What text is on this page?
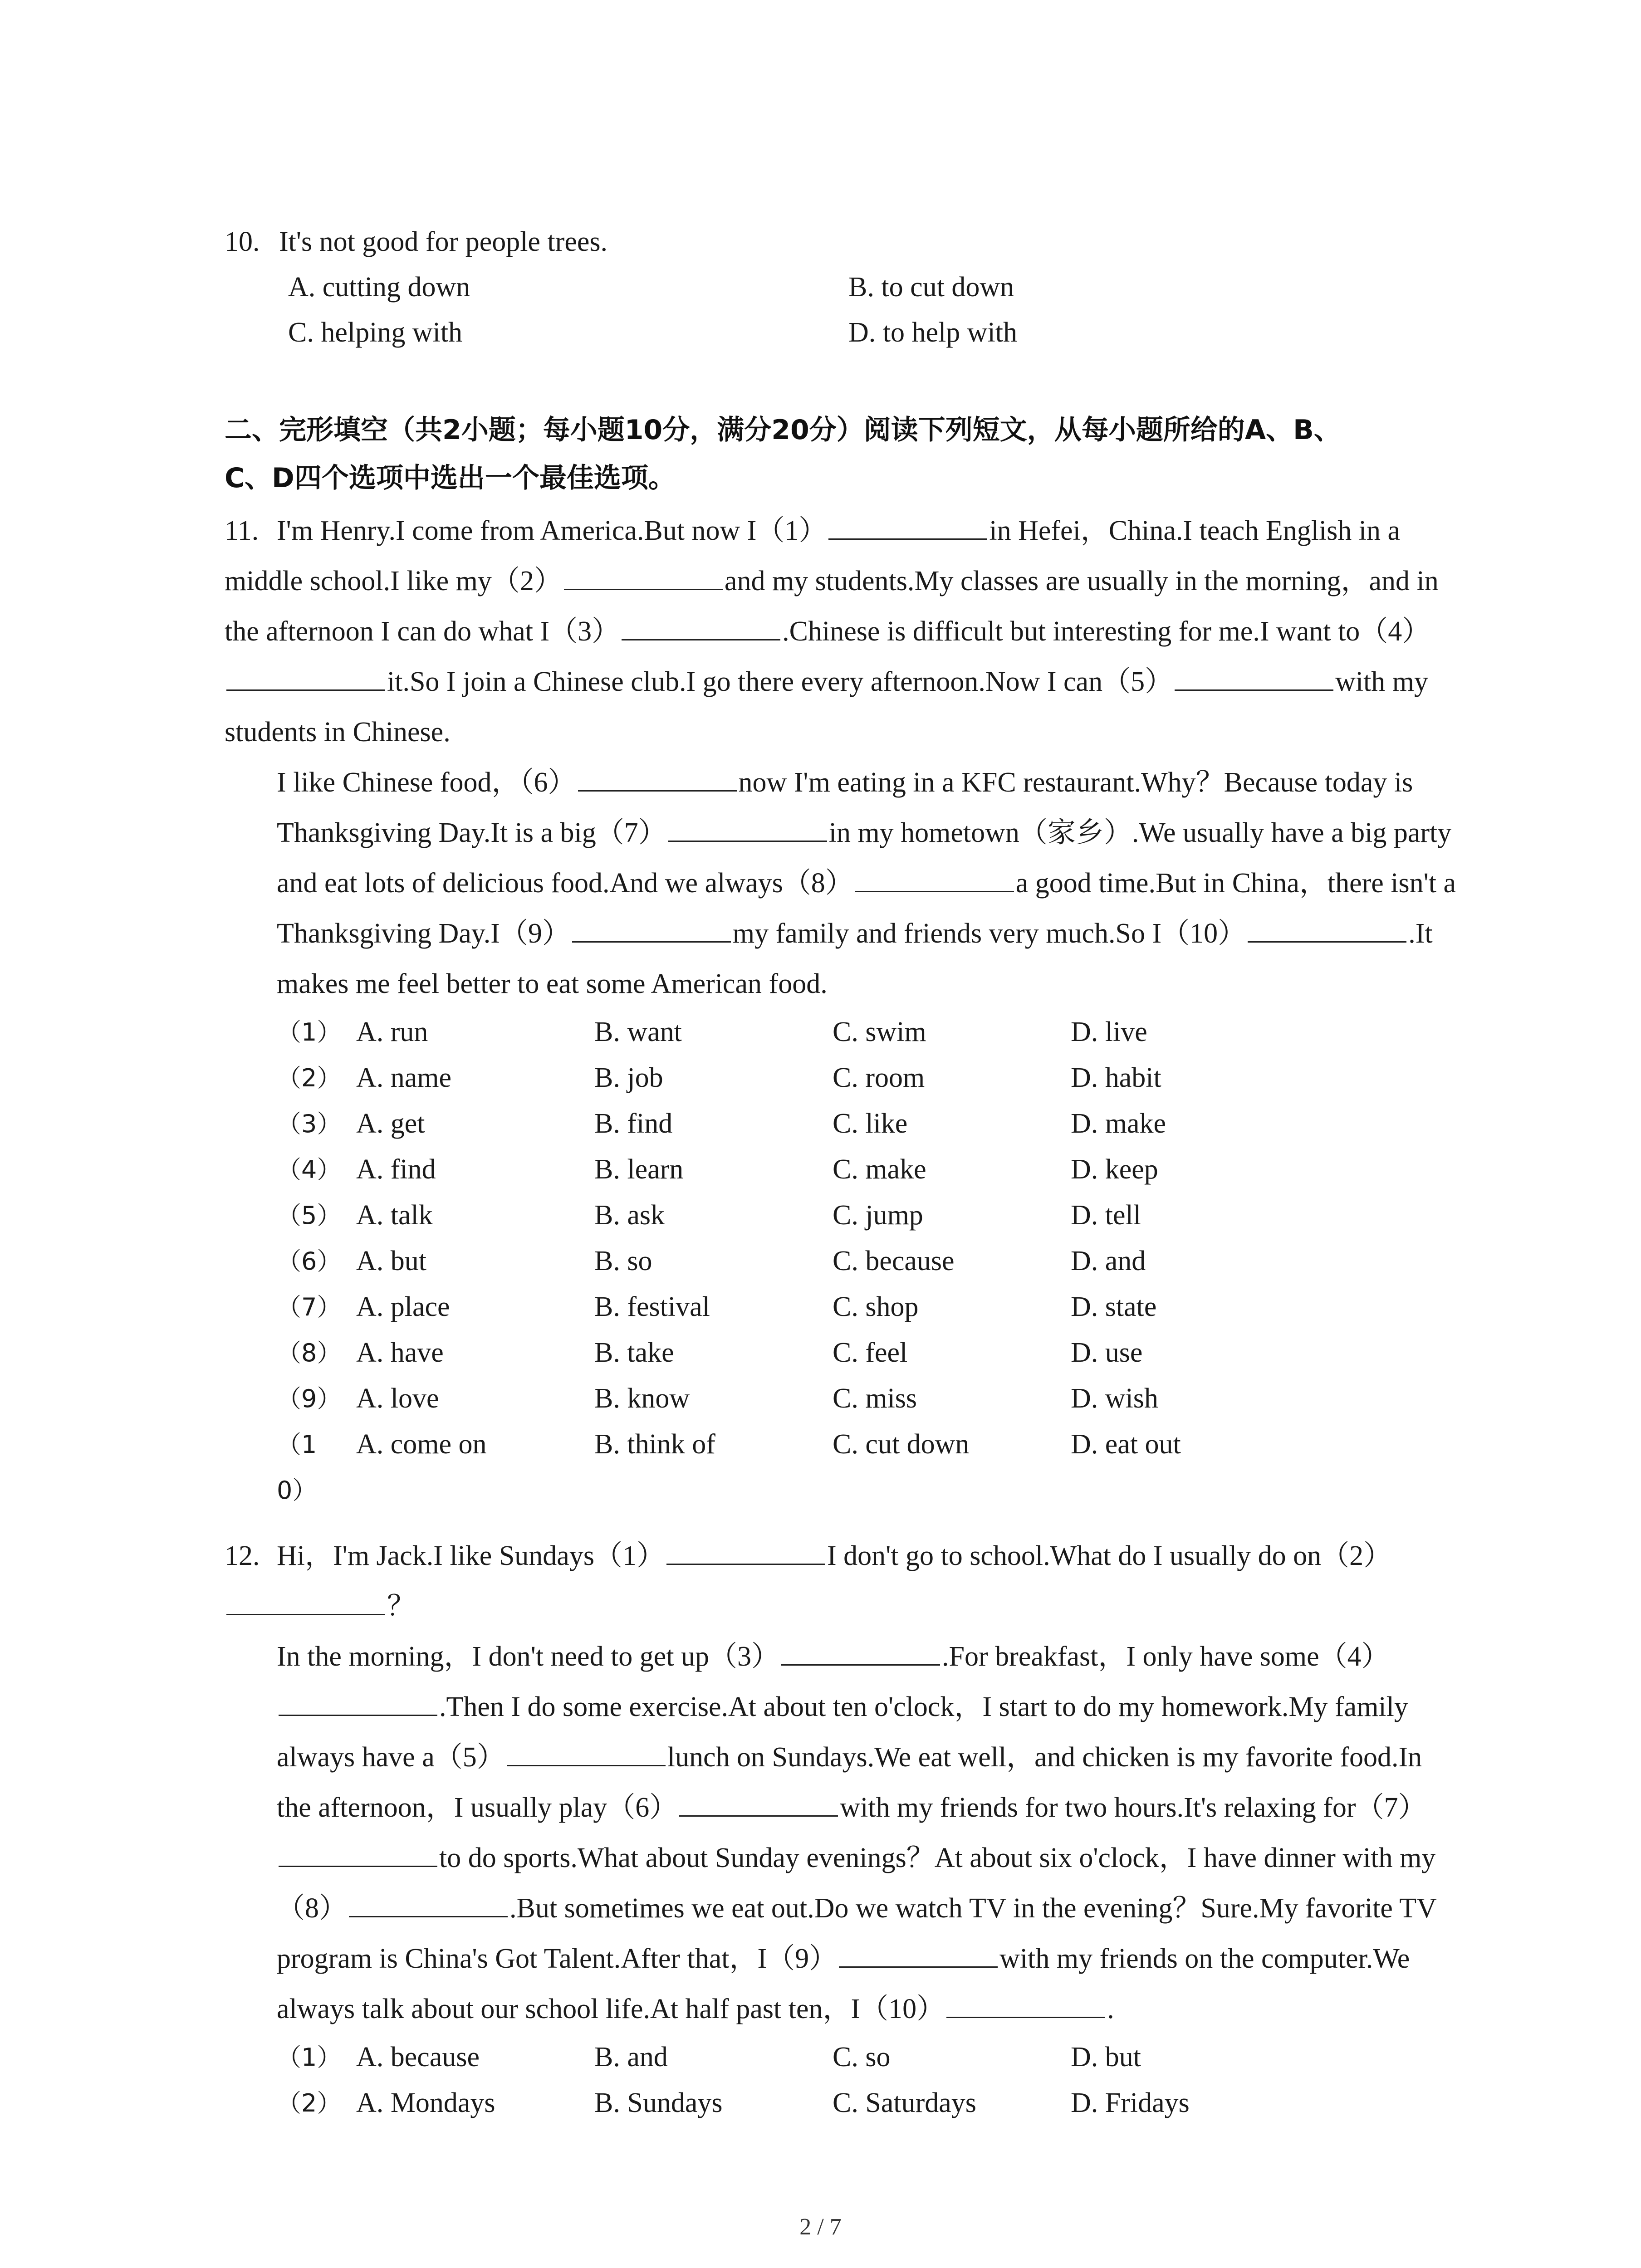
10. It's not good for people trees.
A. cutting down	B. to cut down
C. helping with	D. to help with
二、完形填空（共2小题；每小题10分，满分20分）阅读下列短文，从每小题所给的A、B、
C、D四个选项中选出一个最佳选项。
11. I'm Henry.I come from America.But now I（1）	in Hefei，China.I teach English in a middle school.I like my（2）	and my students.My classes are usually in the morning，and in the afternoon I can do what I（3）	.Chinese is difficult but interesting for me.I want to（4）it.So I join a Chinese club.I go there every afternoon.Now I can（5）	with my students in Chinese.
I like Chinese food，（6）	now I'm eating in a KFC restaurant.Why？Because today is Thanksgiving Day.It is a big（7）	in my hometown（家乡）.We usually have a big party and eat lots of delicious food.And we always（8）	a good time.But in China，there isn't a Thanksgiving Day.I（9）	my family and friends very much.So I（10）	.It makes me feel better to eat some American food.
（1） A. run	B. want	C. swim	D. live
（2） A. name	B. job	C. room	D. habit
（3） A. get	B. find	C. like	D. make
（4） A. find	B. learn	C. make	D. keep
（5） A. talk	B. ask	C. jump	D. tell
（6） A. but	B. so	C. because	D. and
（7） A. place	B. festival	C. shop	D. state
（8） A. have	B. take	C. feel	D. use
（9） A. love	B. know	C. miss	D. wish
（10）
A. come on	B. think of	C. cut down	D. eat out
12. Hi，I'm Jack.I like Sundays（1）	I don't go to school.What do I usually do on（2）？
In the morning，I don't need to get up（3）	.For breakfast，I only have some（4）.Then I do some exercise.At about ten o'clock，I start to do my homework.My family always have a（5）	lunch on Sundays.We eat well，and chicken is my favorite food.In the afternoon，I usually play（6）	with my friends for two hours.It's relaxing for（7）to do sports.What about Sunday evenings？At about six o'clock，I have dinner with my（8）	.But sometimes we eat out.Do we watch TV in the evening？Sure.My favorite TV program is China's Got Talent.After that，I（9）	with my friends on the computer.We always talk about our school life.At half past ten，I（10）	.
（1） A. because	B. and	C. so	D. but
（2） A. Mondays	B. Sundays	C. Saturdays	D. Fridays
2 / 7
